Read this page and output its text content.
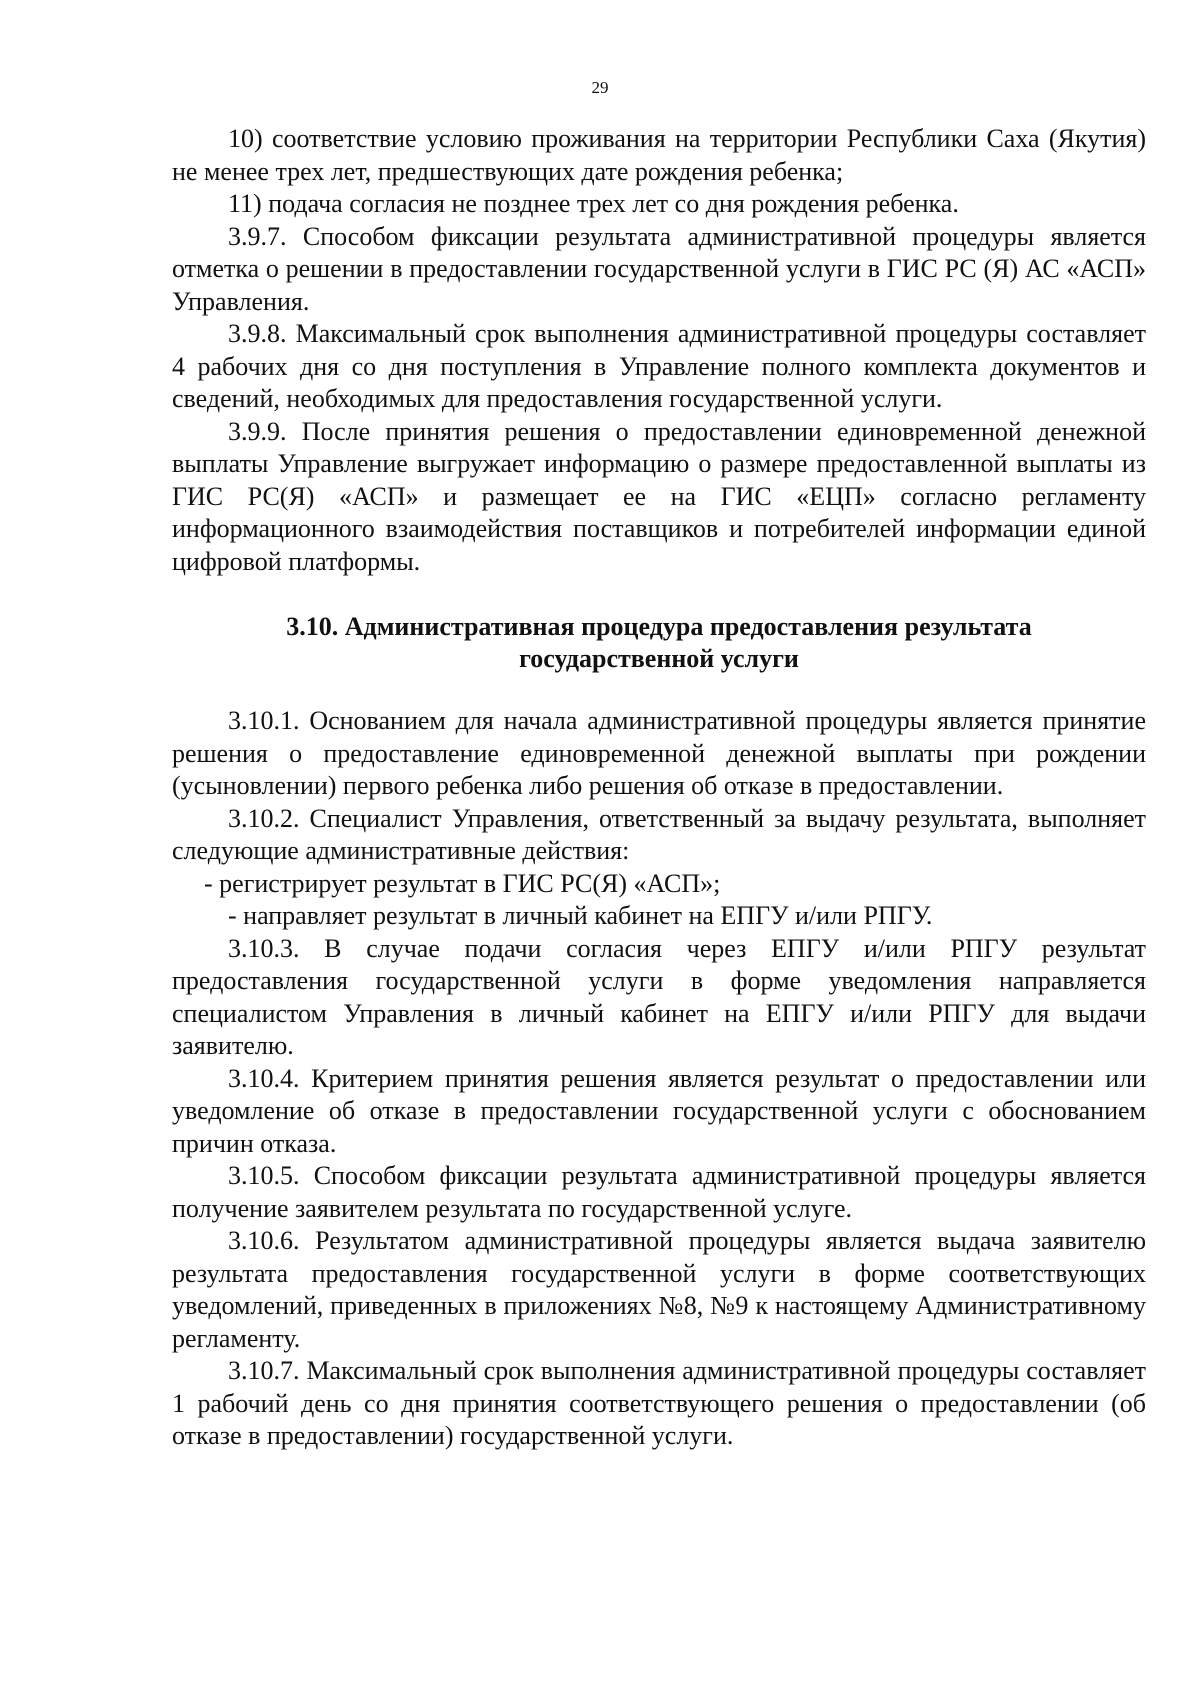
29

10) соответствие условию проживания на территории Республики Саха (Якутия) не менее трех лет, предшествующих дате рождения ребенка;

11) подача согласия не позднее трех лет со дня рождения ребенка.

3.9.7. Способом фиксации результата административной процедуры является отметка о решении в предоставлении государственной услуги в ГИС РС (Я) АС «АСП» Управления.

3.9.8. Максимальный срок выполнения административной процедуры составляет 4 рабочих дня со дня поступления в Управление полного комплекта документов и сведений, необходимых для предоставления государственной услуги.

3.9.9. После принятия решения о предоставлении единовременной денежной выплаты Управление выгружает информацию о размере предоставленной выплаты из ГИС РС(Я) «АСП» и размещает ее на ГИС «ЕЦП» согласно регламенту информационного взаимодействия поставщиков и потребителей информации единой цифровой платформы.

3.10. Административная процедура предоставления результата
государственной услуги

3.10.1. Основанием для начала административной процедуры является принятие решения о предоставление единовременной денежной выплаты при рождении (усыновлении) первого ребенка либо решения об отказе в предоставлении.

3.10.2. Специалист Управления, ответственный за выдачу результата, выполняет следующие административные действия:

- регистрирует результат в ГИС РС(Я) «АСП»;

- направляет результат в личный кабинет на ЕПГУ и/или РПГУ.

3.10.3. В случае подачи согласия через ЕПГУ и/или РПГУ результат предоставления государственной услуги в форме уведомления направляется специалистом Управления в личный кабинет на ЕПГУ и/или РПГУ для выдачи заявителю.

3.10.4. Критерием принятия решения является результат о предоставлении или уведомление об отказе в предоставлении государственной услуги с обоснованием причин отказа.

3.10.5. Способом фиксации результата административной процедуры является получение заявителем результата по государственной услуге.

3.10.6. Результатом административной процедуры является выдача заявителю результата предоставления государственной услуги в форме соответствующих уведомлений, приведенных в приложениях №8, №9 к настоящему Административному регламенту.

3.10.7. Максимальный срок выполнения административной процедуры составляет 1 рабочий день со дня принятия соответствующего решения о предоставлении (об отказе в предоставлении) государственной услуги.
